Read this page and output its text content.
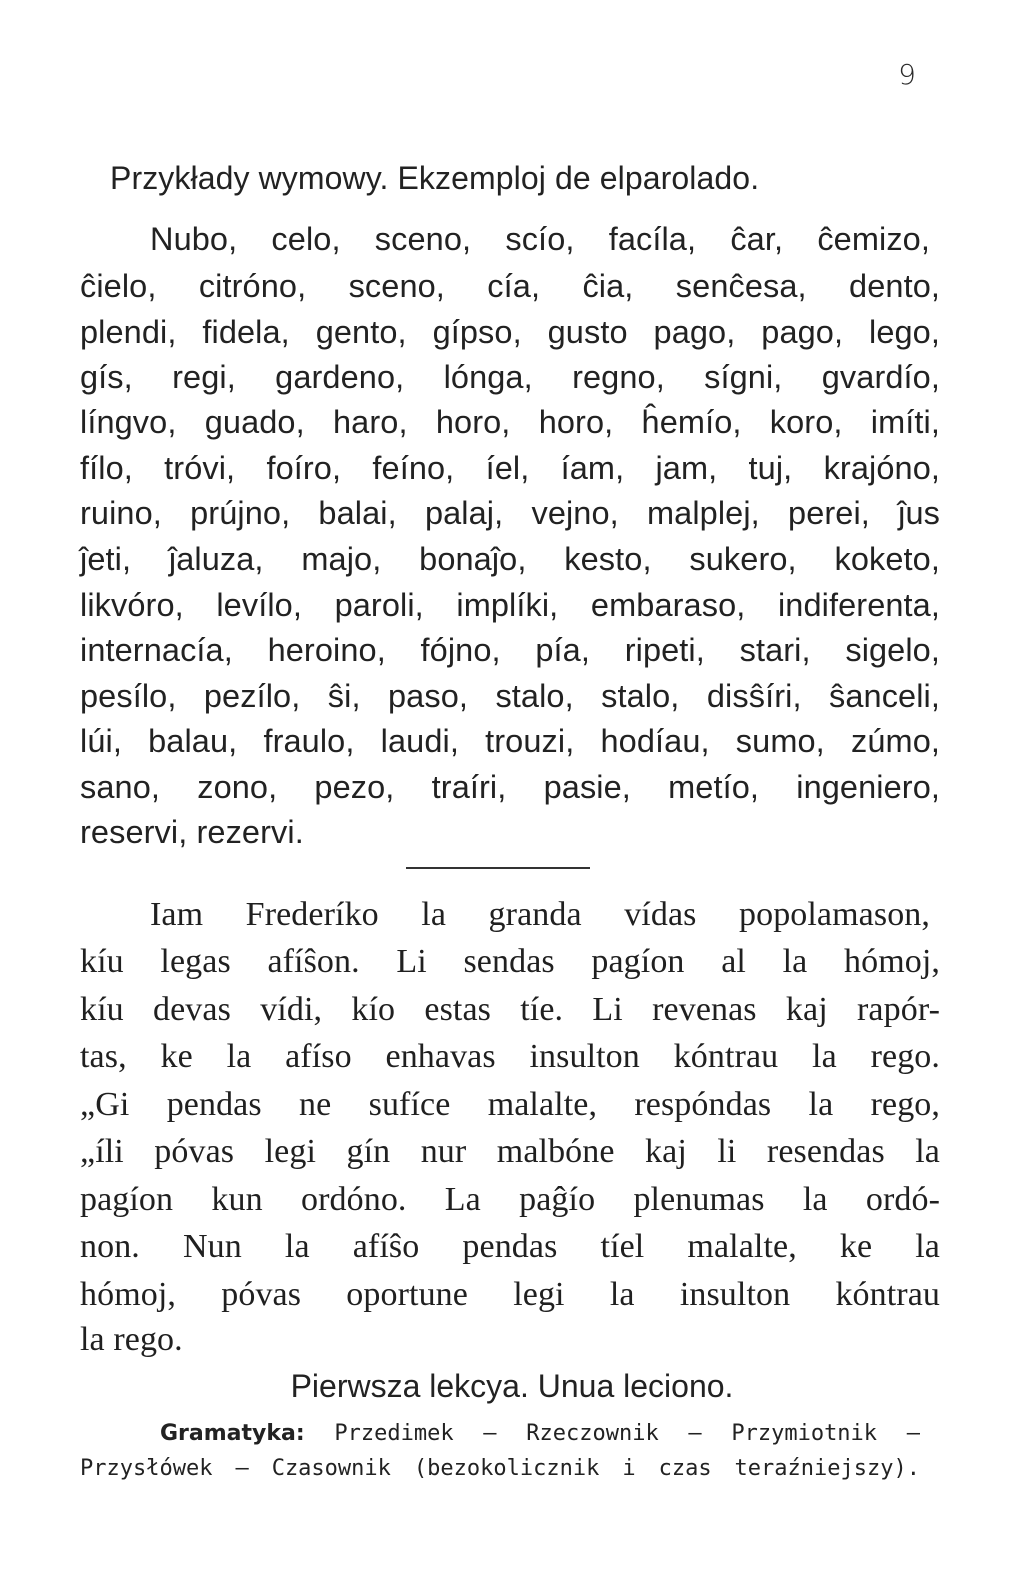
9
Przykłady wymowy. Ekzemploj de elparolado.
Nubo, celo, sceno, scío, facíla, ĉar, ĉemizo,
ĉielo, citróno, sceno, cía, ĉia, senĉesa, dento,
plendi, fidela, gento, gípso, gusto pago, pago, lego,
gís, regi, gardeno, lónga, regno, sígni, gvardío,
língvo, guado, haro, horo, horo, ĥemío, koro, imíti,
fílo, tróvi, foíro, feíno, íel, íam, jam, tuj, krajóno,
ruino, prújno, balai, palaj, vejno, malplej, perei, ĵus
ĵeti, ĵaluza, majo, bonaĵo, kesto, sukero, koketo,
likvóro, levílo, paroli, implíki, embaraso, indiferenta,
internacía, heroino, fójno, pía, ripeti, stari, sigelo,
pesílo, pezílo, ŝi, paso, stalo, stalo, disŝíri, ŝanceli,
lúi, balau, fraulo, laudi, trouzi, hodíau, sumo, zúmo,
sano, zono, pezo, traíri, pasie, metío, ingeniero,
reservi, rezervi.
Iam Frederíko la granda vídas popolamason,
kíu legas afíŝon. Li sendas pagíon al la hómoj,
kíu devas vídi, kío estas tíe. Li revenas kaj rapór-
tas, ke la afíso enhavas insulton kóntrau la rego.
„Gi pendas ne sufíce malalte, respóndas la rego,
„íli póvas legi gín nur malbóne kaj li resendas la
pagíon kun ordóno. La paĝío plenumas la ordó-
non. Nun la afíŝo pendas tíel malalte, ke la
hómoj, póvas oportune legi la insulton kóntrau
la rego.
Pierwsza lekcya. Unua leciono.
Gramatyka: Przedimek — Rzeczownik — Przymiotnik —
Przysłówek — Czasownik (bezokolicznik i czas teraźniejszy).
